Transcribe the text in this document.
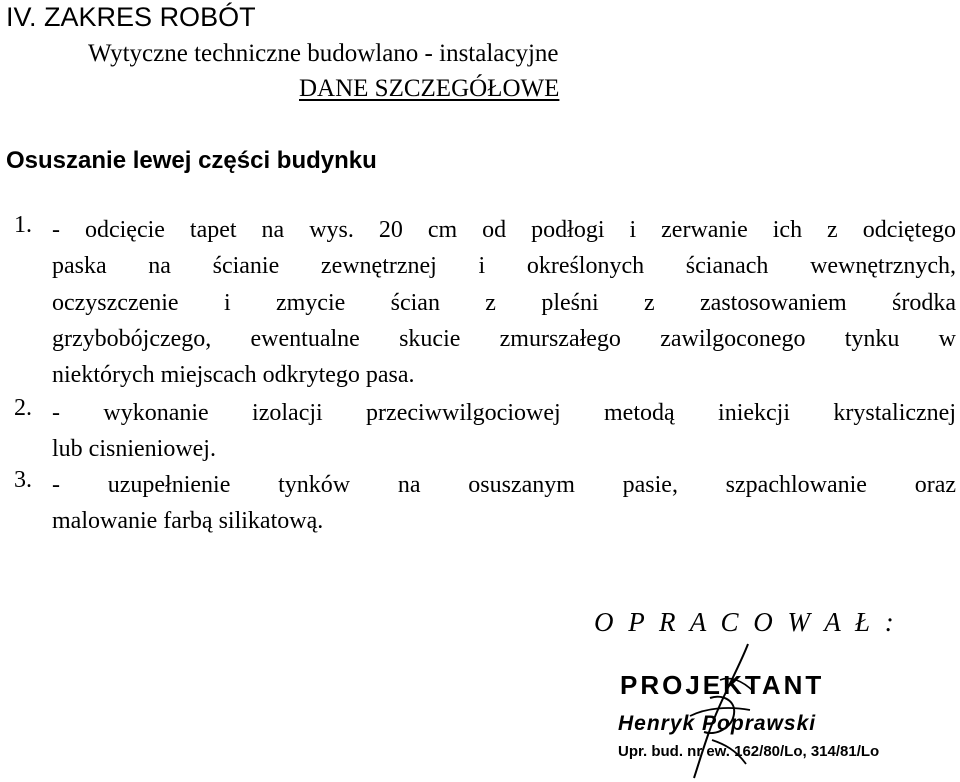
IV. ZAKRES ROBÓT
Wytyczne techniczne budowlano - instalacyjne
DANE SZCZEGÓŁOWE
Osuszanie lewej części budynku
1. - odcięcie tapet na wys. 20 cm od podłogi i zerwanie ich z odciętego
paska na ścianie zewnętrznej i określonych ścianach wewnętrznych,
oczyszczenie i zmycie ścian z pleśni z zastosowaniem środka
grzybobójczego, ewentualne skucie zmurszałego zawilgoconego tynku w
niektórych miejscach odkrytego pasa.
2. - wykonanie izolacji przeciwwilgociowej metodą iniekcji krystalicznej
lub cisnieniowej.
3. - uzupełnienie tynków na osuszanym pasie, szpachlowanie oraz
malowanie farbą silikatową.
O P R A C O W A Ł :
PROJEKTANT
Henryk Poprawski
Upr. bud. nr ew. 162/80/Lo, 314/81/Lo
